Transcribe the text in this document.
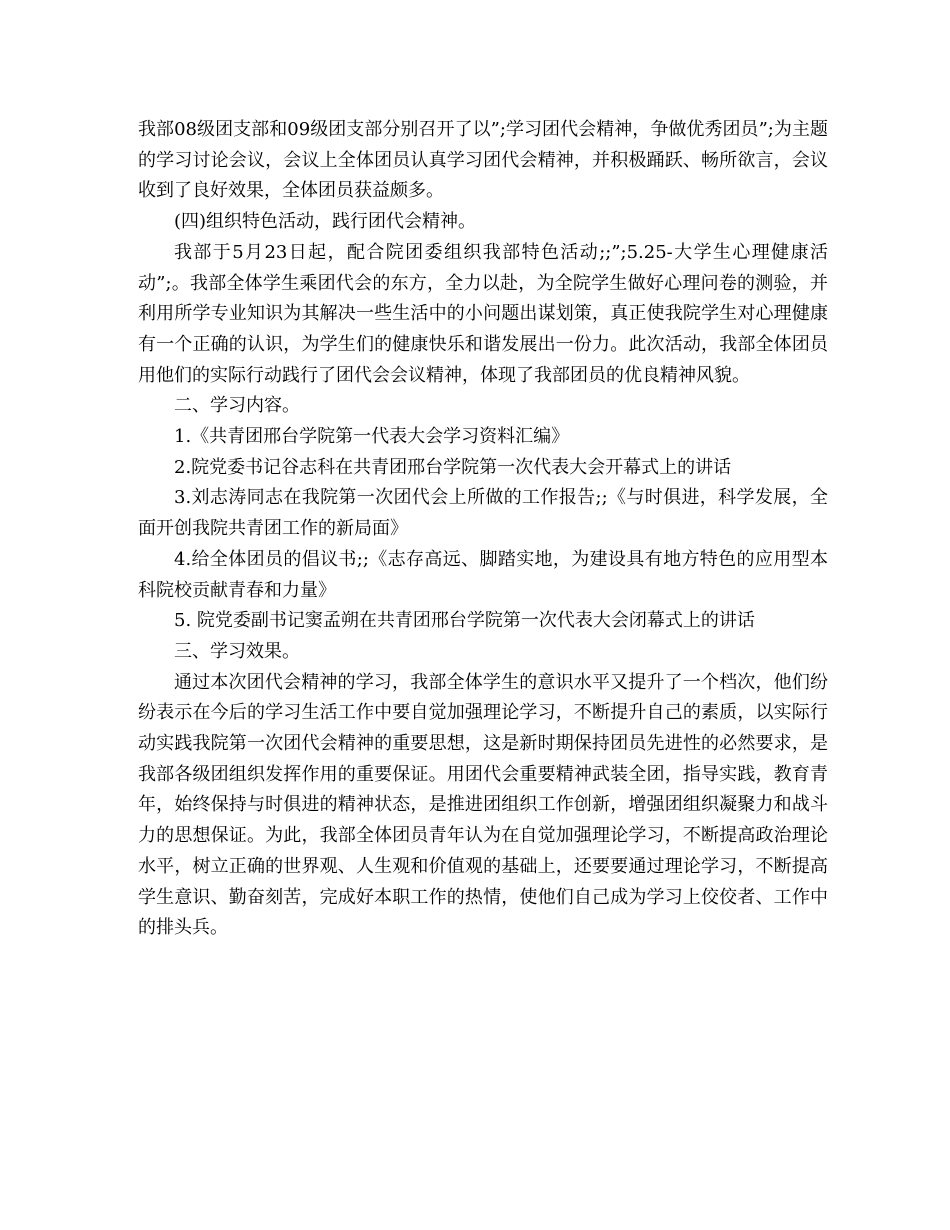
我部08级团支部和09级团支部分别召开了以”;学习团代会精神，争做优秀团员”;为主题的学习讨论会议，会议上全体团员认真学习团代会精神，并积极踊跃、畅所欲言，会议收到了良好效果，全体团员获益颇多。

(四)组织特色活动，践行团代会精神。

我部于5月23日起，配合院团委组织我部特色活动;;”;5.25-大学生心理健康活动”;。我部全体学生乘团代会的东方，全力以赴，为全院学生做好心理问卷的测验，并利用所学专业知识为其解决一些生活中的小问题出谋划策，真正使我院学生对心理健康有一个正确的认识，为学生们的健康快乐和谐发展出一份力。此次活动，我部全体团员用他们的实际行动践行了团代会会议精神，体现了我部团员的优良精神风貌。

二、学习内容。

1.《共青团邢台学院第一代表大会学习资料汇编》

2.院党委书记谷志科在共青团邢台学院第一次代表大会开幕式上的讲话

3.刘志涛同志在我院第一次团代会上所做的工作报告;;《与时俱进，科学发展，全面开创我院共青团工作的新局面》

4.给全体团员的倡议书;;《志存高远、脚踏实地，为建设具有地方特色的应用型本科院校贡献青春和力量》

5. 院党委副书记窦孟朔在共青团邢台学院第一次代表大会闭幕式上的讲话

三、学习效果。

通过本次团代会精神的学习，我部全体学生的意识水平又提升了一个档次，他们纷纷表示在今后的学习生活工作中要自觉加强理论学习，不断提升自己的素质，以实际行动实践我院第一次团代会精神的重要思想，这是新时期保持团员先进性的必然要求，是我部各级团组织发挥作用的重要保证。用团代会重要精神武装全团，指导实践，教育青年，始终保持与时俱进的精神状态，是推进团组织工作创新，增强团组织凝聚力和战斗力的思想保证。为此，我部全体团员青年认为在自觉加强理论学习，不断提高政治理论水平，树立正确的世界观、人生观和价值观的基础上，还要要通过理论学习，不断提高学生意识、勤奋刻苦，完成好本职工作的热情，使他们自己成为学习上佼佼者、工作中的排头兵。
